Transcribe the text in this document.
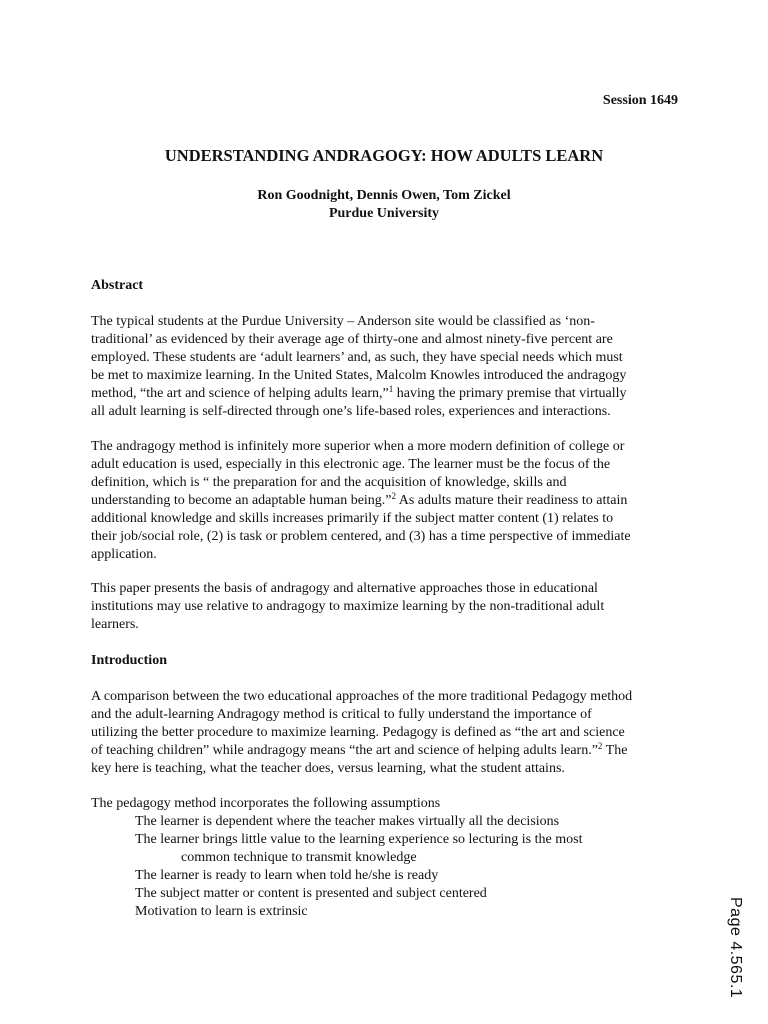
Session 1649
UNDERSTANDING ANDRAGOGY: HOW ADULTS LEARN
Ron Goodnight, Dennis Owen, Tom Zickel
Purdue University
Abstract
The typical students at the Purdue University – Anderson site would be classified as ‘non-
traditional’ as evidenced by their average age of thirty-one and almost ninety-five percent are
employed. These students are ‘adult learners’ and, as such, they have special needs which must
be met to maximize learning. In the United States, Malcolm Knowles introduced the andragogy
method, “the art and science of helping adults learn,”$^1$ having the primary premise that virtually
all adult learning is self-directed through one’s life-based roles, experiences and interactions.
The andragogy method is infinitely more superior when a more modern definition of college or
adult education is used, especially in this electronic age. The learner must be the focus of the
definition, which is “ the preparation for and the acquisition of knowledge, skills and
understanding to become an adaptable human being.”$^2$ As adults mature their readiness to attain
additional knowledge and skills increases primarily if the subject matter content (1) relates to
their job/social role, (2) is task or problem centered, and (3) has a time perspective of immediate
application.
This paper presents the basis of andragogy and alternative approaches those in educational
institutions may use relative to andragogy to maximize learning by the non-traditional adult
learners.
Introduction
A comparison between the two educational approaches of the more traditional Pedagogy method
and the adult-learning Andragogy method is critical to fully understand the importance of
utilizing the better procedure to maximize learning. Pedagogy is defined as “the art and science
of teaching children” while andragogy means “the art and science of helping adults learn.”$^2$ The
key here is teaching, what the teacher does, versus learning, what the student attains.
The pedagogy method incorporates the following assumptions
The learner is dependent where the teacher makes virtually all the decisions
The learner brings little value to the learning experience so lecturing is the most
common technique to transmit knowledge
The learner is ready to learn when told he/she is ready
The subject matter or content is presented and subject centered
Motivation to learn is extrinsic	Page 4.565.1
